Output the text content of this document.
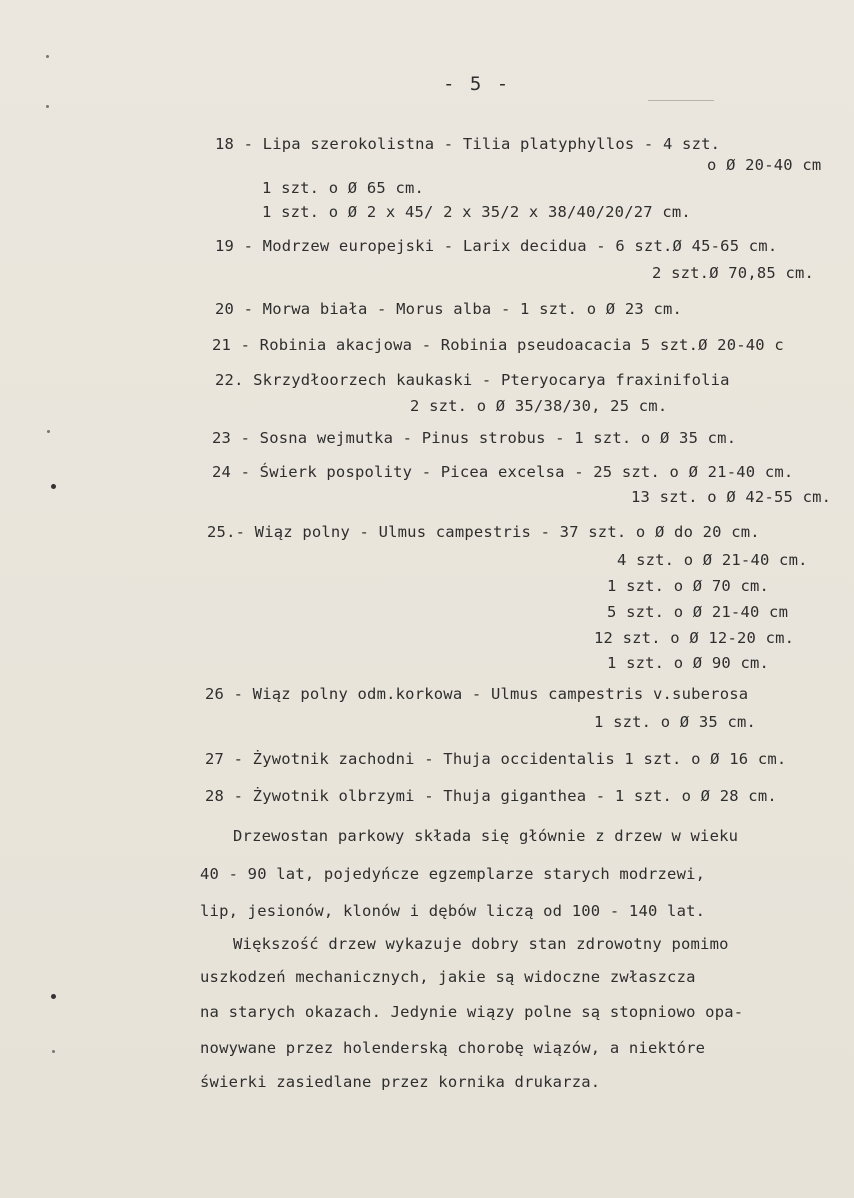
- 5 -
18 - Lipa szerokolistna - Tilia platyphyllos - 4 szt.
o Ø 20-40 cm
1 szt. o Ø 65 cm.
1 szt. o Ø 2 x 45/ 2 x 35/2 x 38/40/20/27 cm.
19 - Modrzew europejski - Larix decidua - 6 szt.Ø 45-65 cm.
2 szt.Ø 70,85 cm.
20 - Morwa biała - Morus alba - 1 szt. o Ø 23 cm.
21 - Robinia akacjowa - Robinia pseudoacacia 5 szt.Ø 20-40 c
22. Skrzydłoorzech kaukaski - Pteryocarya fraxinifolia
2 szt. o Ø 35/38/30, 25 cm.
23 - Sosna wejmutka - Pinus strobus - 1 szt. o Ø 35 cm.
24 - Świerk pospolity - Picea excelsa - 25 szt. o Ø 21-40 cm.
13 szt. o Ø 42-55 cm.
25.- Wiąz polny - Ulmus campestris - 37 szt. o Ø do 20 cm.
4 szt. o Ø 21-40 cm.
1 szt. o Ø 70 cm.
5 szt. o Ø 21-40 cm
12 szt. o Ø 12-20 cm.
1 szt. o Ø 90 cm.
26 - Wiąz polny odm.korkowa - Ulmus campestris v.suberosa
1 szt. o Ø 35 cm.
27 - Żywotnik zachodni - Thuja occidentalis 1 szt. o Ø 16 cm.
28 - Żywotnik olbrzymi - Thuja giganthea - 1 szt. o Ø 28 cm.
Drzewostan parkowy składa się głównie z drzew w wieku
40 - 90 lat, pojedyńcze egzemplarze starych modrzewi,
lip, jesionów, klonów i dębów liczą od 100 - 140 lat.
Większość drzew wykazuje dobry stan zdrowotny pomimo
uszkodzeń mechanicznych, jakie są widoczne zwłaszcza
na starych okazach. Jedynie wiązy polne są stopniowo opa-
nowywane przez holenderską chorobę wiązów, a niektóre
świerki zasiedlane przez kornika drukarza.
